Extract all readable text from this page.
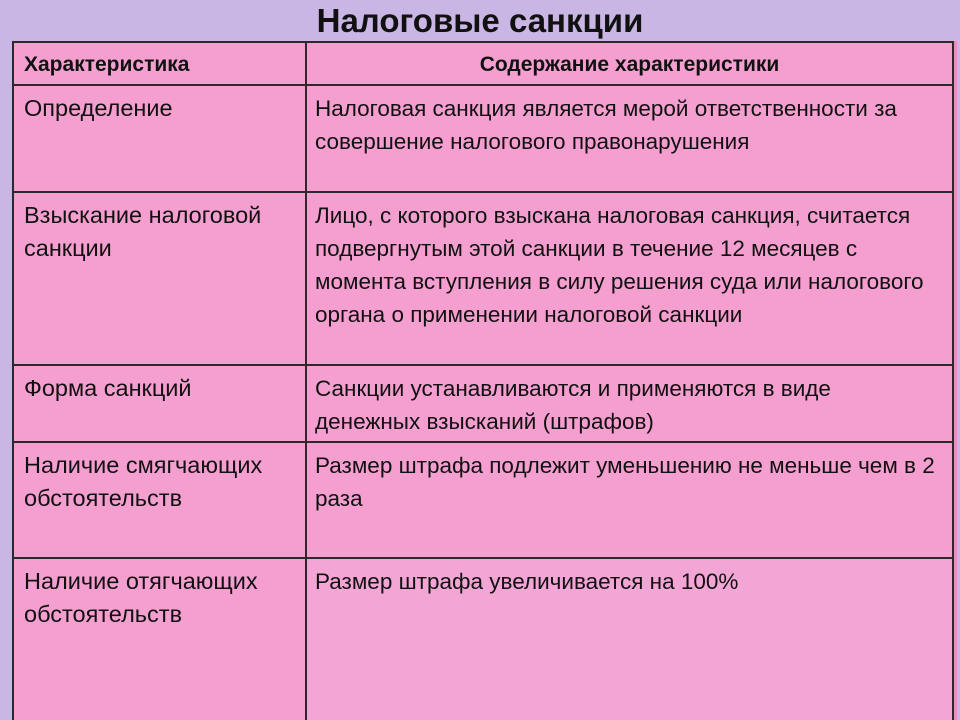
Налоговые санкции
Характеристика	Содержание характеристики
Определение	Налоговая санкция является мерой ответственности за совершение налогового правонарушения
Взыскание налоговой санкции	Лицо, с которого взыскана налоговая санкция, считается подвергнутым этой санкции в течение 12 месяцев с момента вступления в силу решения суда или налогового органа о применении налоговой санкции
Форма санкций	Санкции устанавливаются и применяются в виде денежных взысканий (штрафов)
Наличие смягчающих обстоятельств	Размер штрафа подлежит уменьшению не меньше чем в 2 раза
Наличие отягчающих обстоятельств	Размер штрафа увеличивается на 100%
